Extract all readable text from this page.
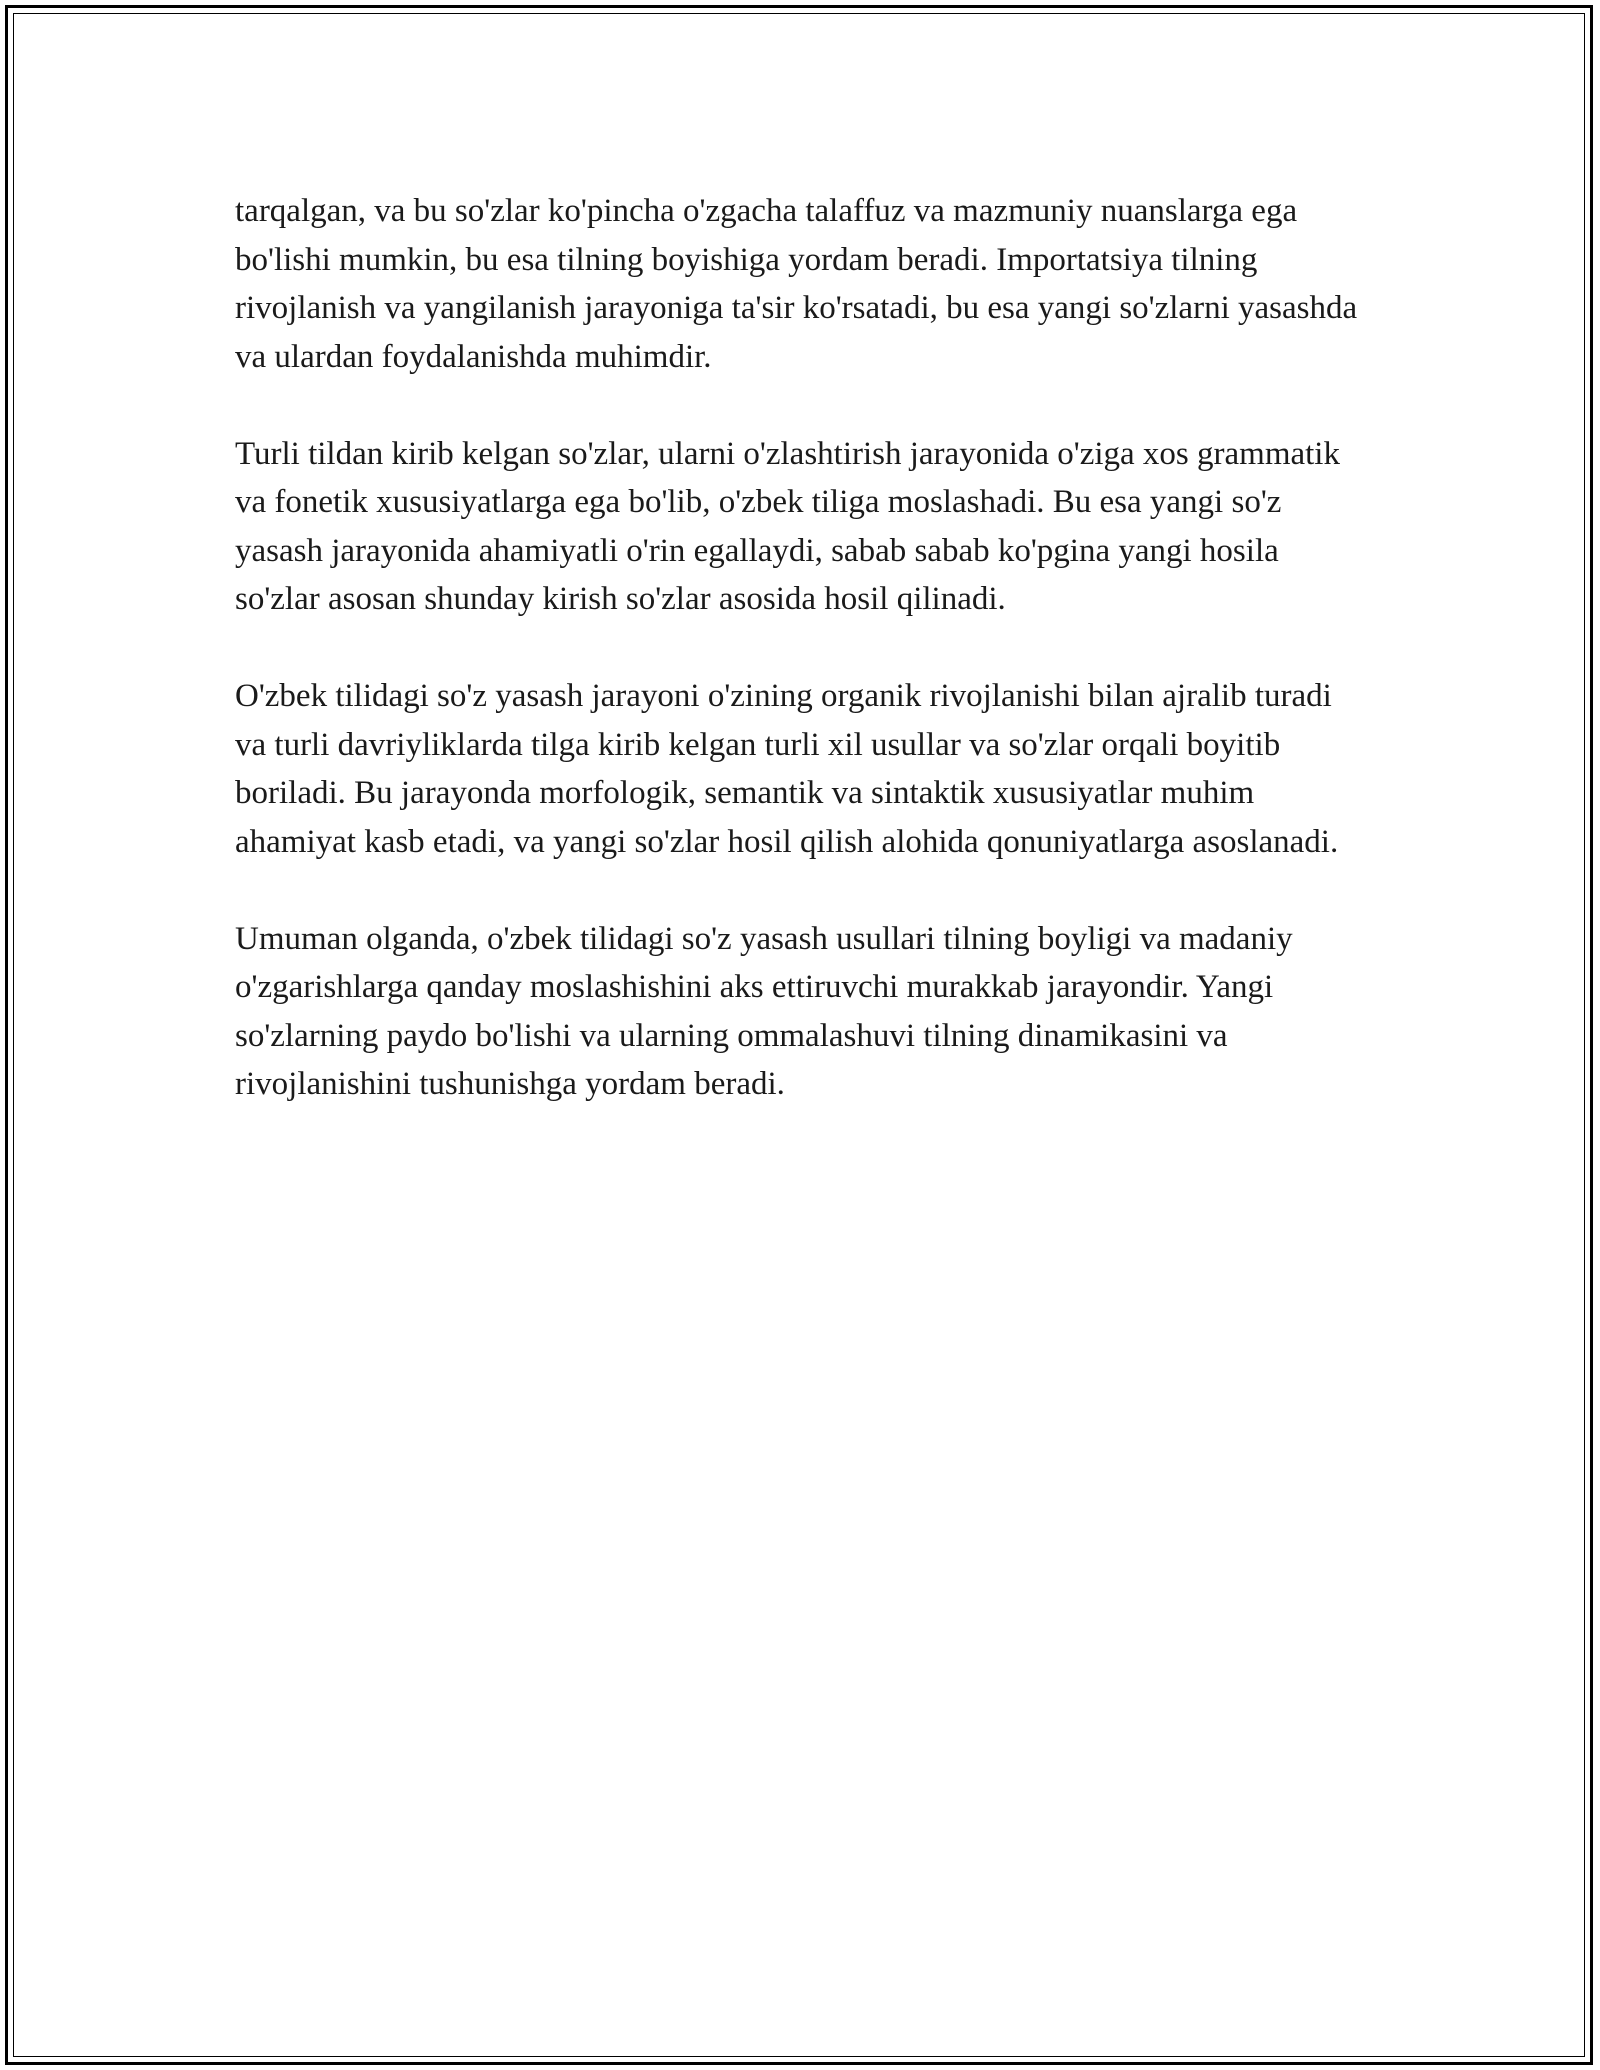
tarqalgan, va bu so'zlar ko'pincha o'zgacha talaffuz va mazmuniy nuanslarga ega bo'lishi mumkin, bu esa tilning boyishiga yordam beradi. Importatsiya tilning rivojlanish va yangilanish jarayoniga ta'sir ko'rsatadi, bu esa yangi so'zlarni yasashda va ulardan foydalanishda muhimdir.

Turli tildan kirib kelgan so'zlar, ularni o'zlashtirish jarayonida o'ziga xos grammatik va fonetik xususiyatlarga ega bo'lib, o'zbek tiliga moslashadi. Bu esa yangi so'z yasash jarayonida ahamiyatli o'rin egallaydi, sabab sabab ko'pgina yangi hosila so'zlar asosan shunday kirish so'zlar asosida hosil qilinadi.

O'zbek tilidagi so'z yasash jarayoni o'zining organik rivojlanishi bilan ajralib turadi va turli davriyliklarda tilga kirib kelgan turli xil usullar va so'zlar orqali boyitib boriladi. Bu jarayonda morfologik, semantik va sintaktik xususiyatlar muhim ahamiyat kasb etadi, va yangi so'zlar hosil qilish alohida qonuniyatlarga asoslanadi.

Umuman olganda, o'zbek tilidagi so'z yasash usullari tilning boyligi va madaniy o'zgarishlarga qanday moslashishini aks ettiruvchi murakkab jarayondir. Yangi so'zlarning paydo bo'lishi va ularning ommalashuvi tilning dinamikasini va rivojlanishini tushunishga yordam beradi.
